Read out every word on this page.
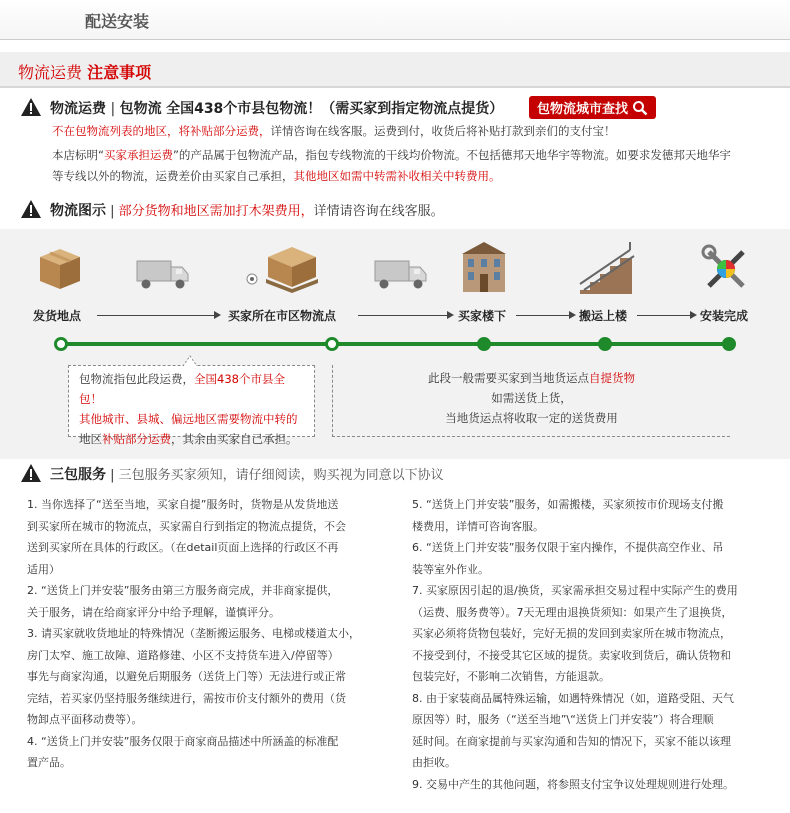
配送安装
物流运费 注意事项
物流运费 | 包物流 全国438个市县包物流！（需买家到指定物流点提货）	包物流城市查找
不在包物流列表的地区，将补贴部分运费，详情咨询在线客服。运费到付，收货后将补贴打款到亲们的支付宝！
本店标明“买家承担运费”的产品属于包物流产品，指包专线物流的干线均价物流。不包括德邦天地华宇等物流。如要求发德邦天地华宇
等专线以外的物流，运费差价由买家自己承担，其他地区如需中转需补收相关中转费用。
物流图示 | 部分货物和地区需加打木架费用，详情请咨询在线客服。
发货地点	买家所在市区物流点	买家楼下	搬运上楼	安装完成
包物流指包此段运费，全国438个市县全包！
其他城市、县城、偏远地区需要物流中转的
地区补贴部分运费，其余由买家自己承担。
此段一般需要买家到当地货运点自提货物
如需送货上货，
当地货运点将收取一定的送货费用
三包服务 | 三包服务买家须知，请仔细阅读，购买视为同意以下协议
1. 当你选择了“送至当地，买家自提”服务时，货物是从发货地送
到买家所在城市的物流点，买家需自行到指定的物流点提货，不会
送到买家所在具体的行政区。（在detail页面上选择的行政区不再
适用）
2. “送货上门并安装”服务由第三方服务商完成，并非商家提供，
关于服务，请在给商家评分中给予理解，谨慎评分。
3. 请买家就收货地址的特殊情况（垄断搬运服务、电梯或楼道太小，
房门太窄、施工故障、道路修建、小区不支持货车进入/停留等）
事先与商家沟通，以避免后期服务（送货上门等）无法进行或正常
完结，若买家仍坚持服务继续进行，需按市价支付额外的费用（货
物卸点平面移动费等）。
4. “送货上门并安装”服务仅限于商家商品描述中所涵盖的标准配
置产品。
5. “送货上门并安装”服务，如需搬楼，买家须按市价现场支付搬
楼费用，详情可咨询客服。
6. “送货上门并安装”服务仅限于室内操作，不提供高空作业、吊
装等室外作业。
7. 买家原因引起的退/换货，买家需承担交易过程中实际产生的费用
（运费、服务费等）。7天无理由退换货须知：如果产生了退换货，
买家必须将货物包装好，完好无损的发回到卖家所在城市物流点，
不接受到付，不接受其它区域的提货。卖家收到货后，确认货物和
包装完好，不影响二次销售，方能退款。
8. 由于家装商品属特殊运输，如遇特殊情况（如，道路受阻、天气
原因等）时，服务（“送至当地”\“送货上门并安装”）将合理顺
延时间。在商家提前与买家沟通和告知的情况下，买家不能以该理
由拒收。
9. 交易中产生的其他问题，将参照支付宝争议处理规则进行处理。
